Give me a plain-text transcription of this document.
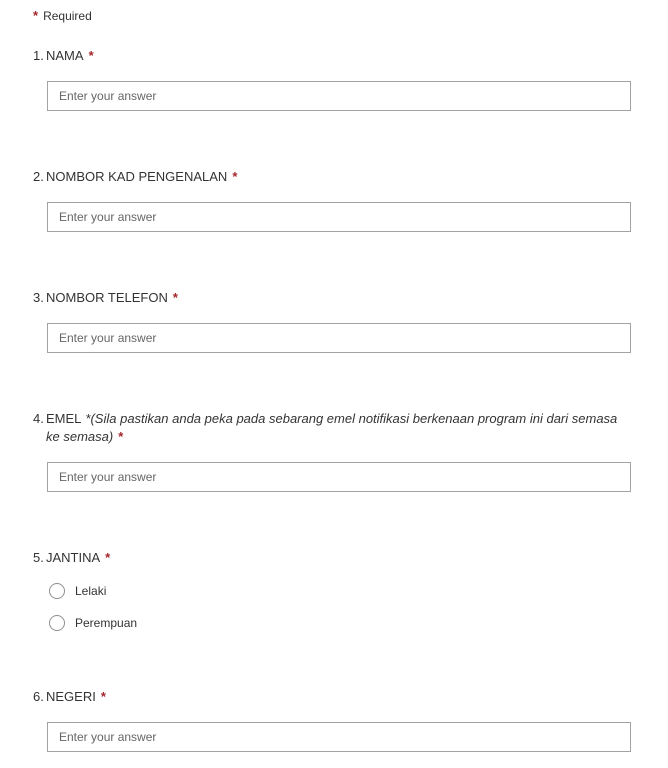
* Required
1. NAMA *
Enter your answer
2. NOMBOR KAD PENGENALAN *
Enter your answer
3. NOMBOR TELEFON *
Enter your answer
4. EMEL *(Sila pastikan anda peka pada sebarang emel notifikasi berkenaan program ini dari semasa ke semasa) *
Enter your answer
5. JANTINA *
Lelaki
Perempuan
6. NEGERI *
Enter your answer
